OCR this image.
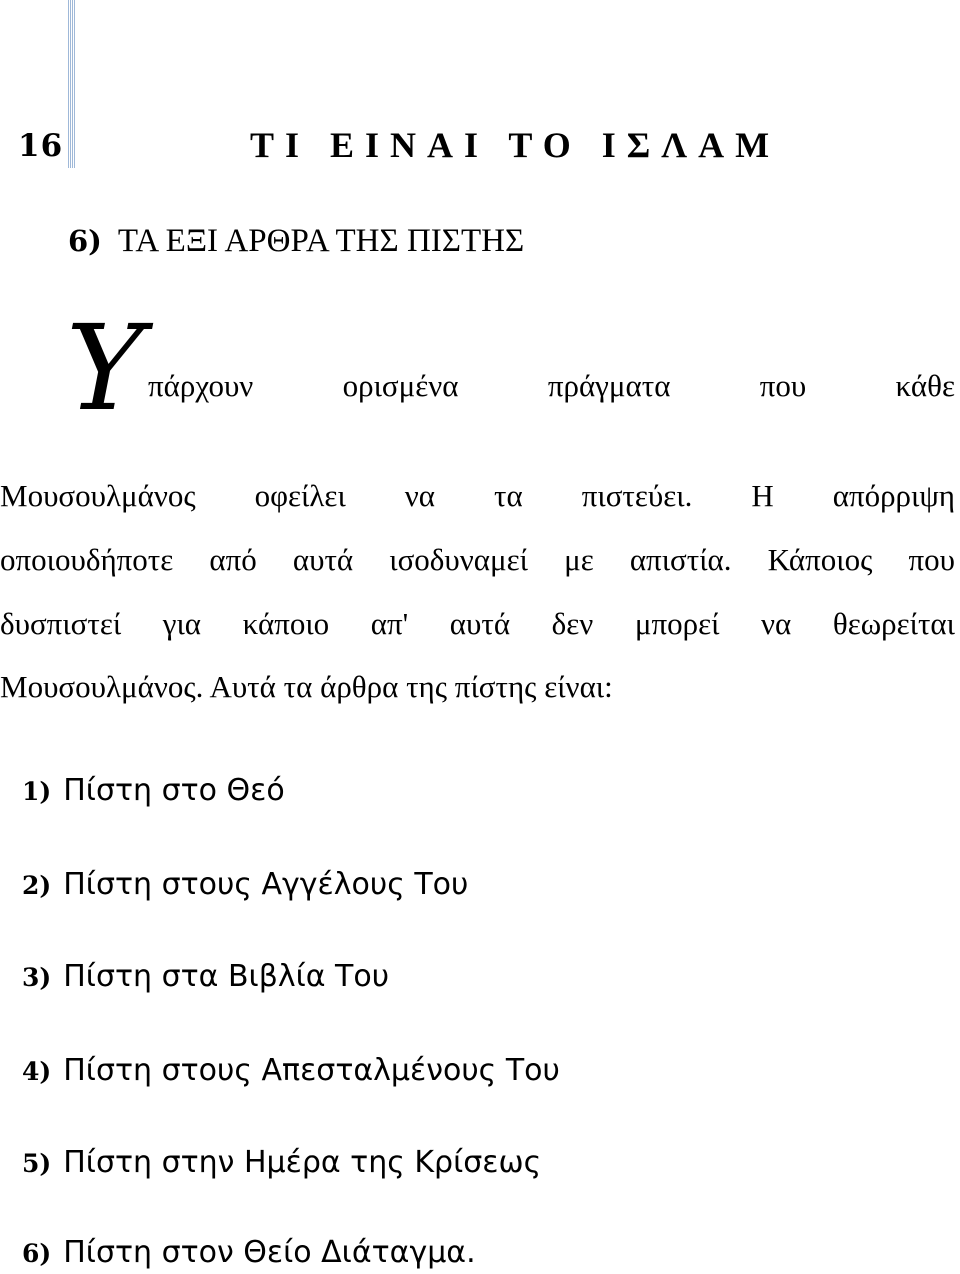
16	ΤΙ ΕΙΝΑΙ ΤΟ ΙΣΛΑΜ
6) ΤΑ ΕΞΙ ΑΡΘΡΑ ΤΗΣ ΠΙΣΤΗΣ
Υ πάρχουν ορισμένα πράγματα που κάθε
Μουσουλμάνος οφείλει να τα πιστεύει. Η απόρριψη
οποιουδήποτε από αυτά ισοδυναμεί με απιστία. Κάποιος που
δυσπιστεί για κάποιο απ' αυτά δεν μπορεί να θεωρείται
Μουσουλμάνος. Αυτά τα άρθρα της πίστης είναι:
1) Πίστη στο Θεό
2) Πίστη στους Αγγέλους Του
3) Πίστη στα Βιβλία Του
4) Πίστη στους Απεσταλμένους Του
5) Πίστη στην Ημέρα της Κρίσεως
6) Πίστη στον Θείο Διάταγμα.
